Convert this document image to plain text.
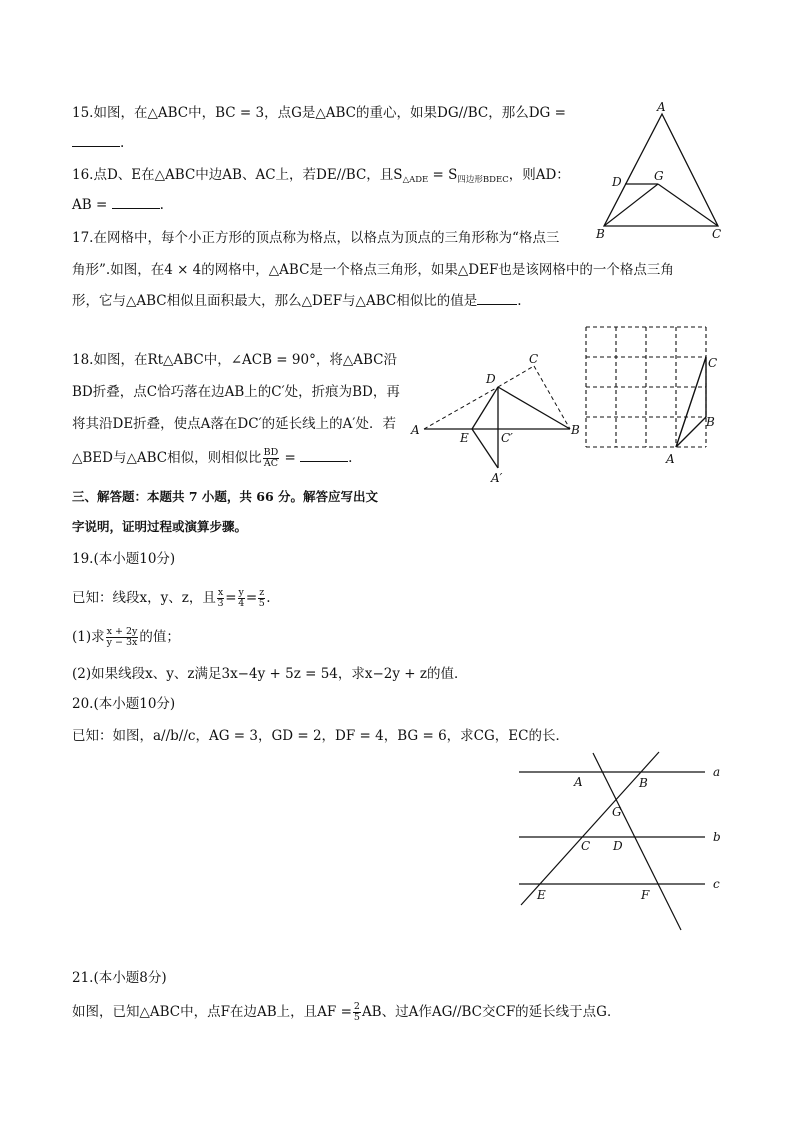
15.如图，在△ABC中，BC = 3，点G是△ABC的重心，如果DG//BC，那么DG =
.
16.点D、E在△ABC中边AB、AC上，若DE//BC，且$S_{\triangle ADE} = S_{四边形BDEC}$，则AD：
AB =	.
17.在网格中，每个小正方形的顶点称为格点，以格点为顶点的三角形称为“格点三
角形”.如图，在4 × 4的网格中，△ABC是一个格点三角形，如果△DEF也是该网格中的一个格点三角
形，它与△ABC相似且面积最大，那么△DEF与△ABC相似比的值是	.
18.如图，在Rt△ABC中，∠ACB = 90°，将△ABC沿
BD折叠，点C恰巧落在边AB上的C′处，折痕为BD，再
将其沿DE折叠，使点A落在DC′的延长线上的A′处．若
△BED与△ABC相似，则相似比 $\frac{BD}{AC}$ =	.
三、解答题：本题共 7 小题，共 66 分。解答应写出文
字说明，证明过程或演算步骤。
19.(本小题10分)
已知：线段x，y、z，且 $\frac{x}{3} = \frac{y}{4} = \frac{z}{5}$ .
(1)求 $\frac{x + 2y}{y - 3x}$ 的值；
(2)如果线段x、y、z满足3x−4y + 5z = 54，求x−2y + z的值．
20.(本小题10分)
已知：如图，a//b//c，AG = 3，GD = 2，DF = 4，BG = 6，求CG，EC的长．
21.(本小题8分)
如图，已知△ABC中，点F在边AB上，且AF = $\frac{2}{5}$ AB、过A作AG//BC交CF的延长线于点G．
A
D	G
B	C
A
E	C′
B
D
C
A′
C
B
A
A	B
G
C D
E	F
a
b
c
